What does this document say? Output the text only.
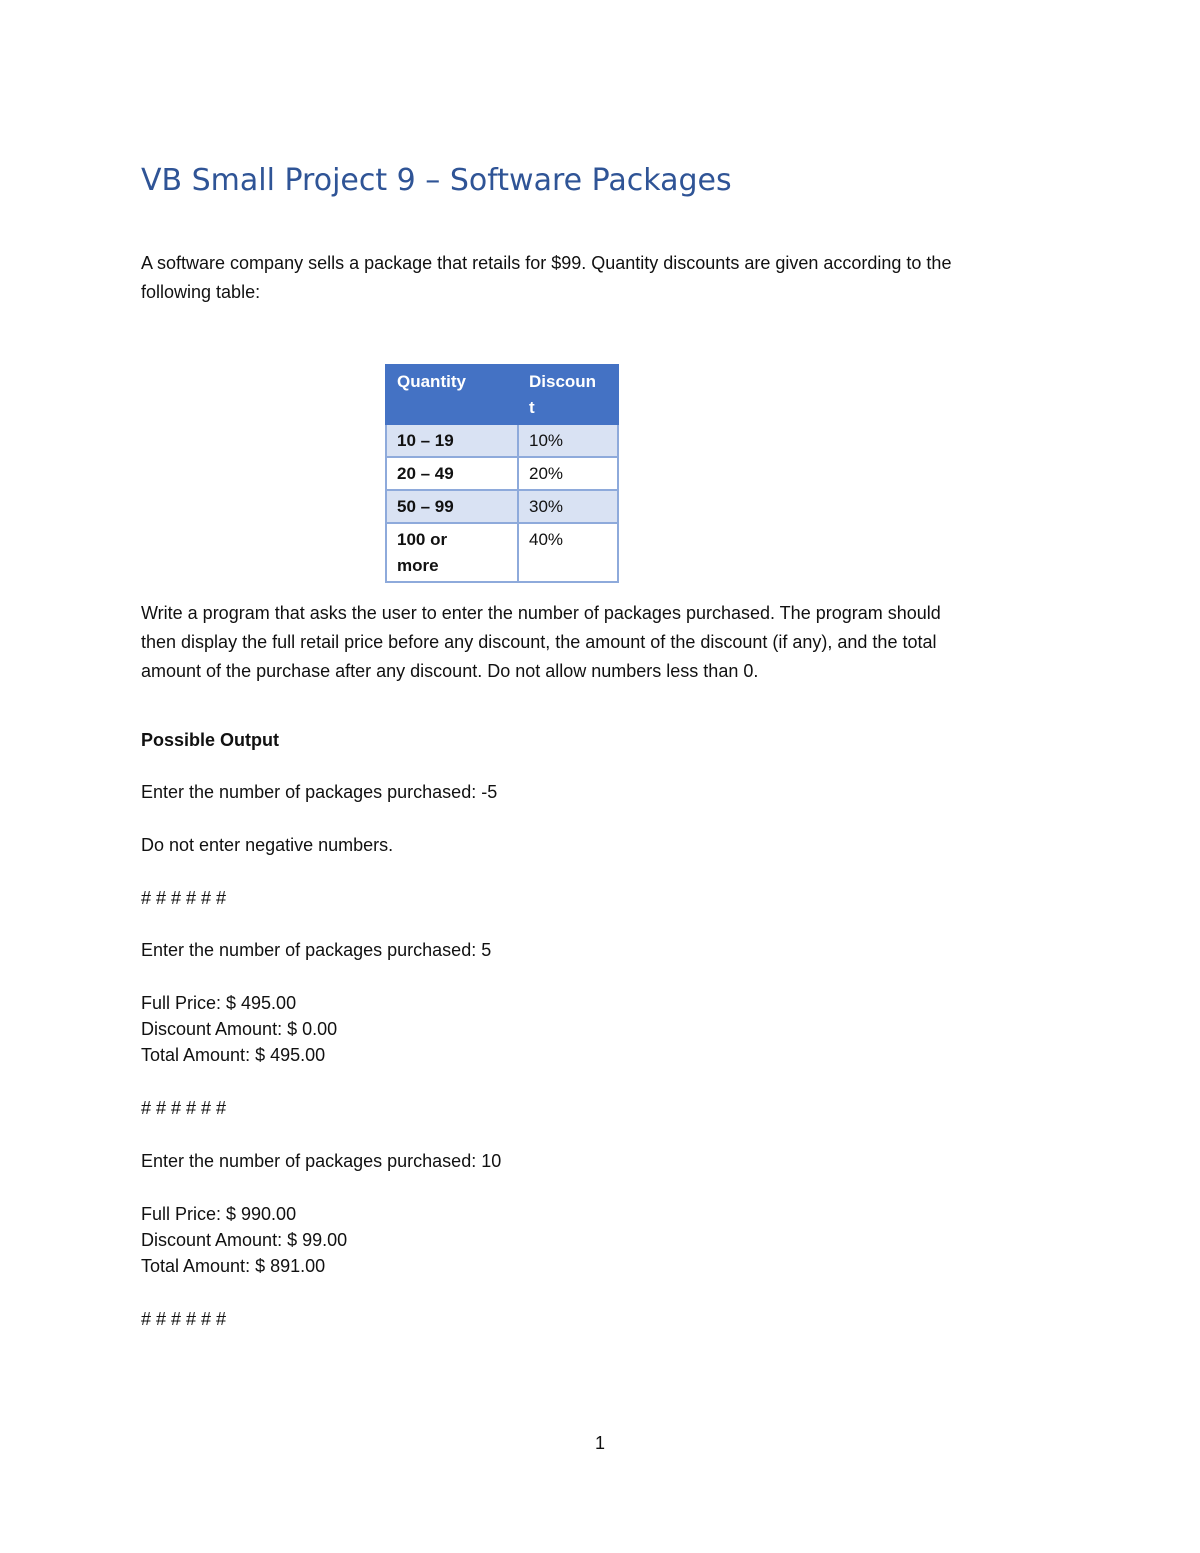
VB Small Project 9 – Software Packages

A software company sells a package that retails for $99. Quantity discounts are given according to the
following table:

Quantity	Discoun
t
10 – 19	10%
20 – 49	20%
50 – 99	30%
100 or
more	40%

Write a program that asks the user to enter the number of packages purchased. The program should
then display the full retail price before any discount, the amount of the discount (if any), and the total
amount of the purchase after any discount. Do not allow numbers less than 0.

Possible Output

Enter the number of packages purchased: -5

Do not enter negative numbers.

# # # # # #

Enter the number of packages purchased: 5

Full Price: $ 495.00

Discount Amount: $ 0.00

Total Amount: $ 495.00

# # # # # #

Enter the number of packages purchased: 10

Full Price: $ 990.00

Discount Amount: $ 99.00

Total Amount: $ 891.00

# # # # # #

1
